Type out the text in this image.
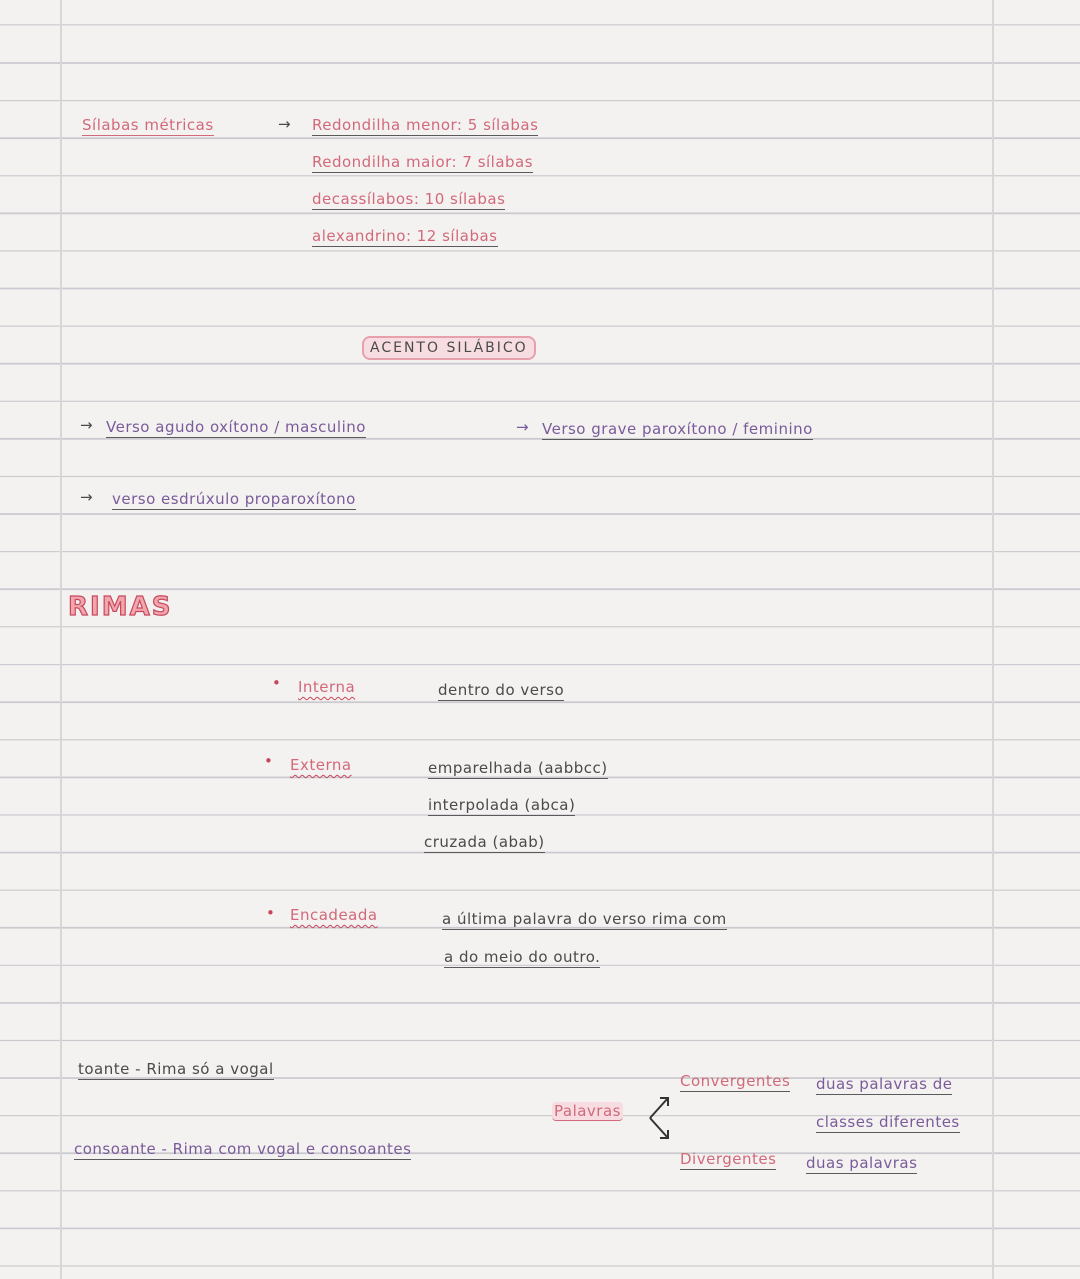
Sílabas métricas	→ Redondilha menor: 5 sílabas
Redondilha maior: 7 sílabas
decassílabos: 10 sílabas
alexandrino: 12 sílabas
ACENTO SILÁBICO
→ Verso agudo oxítono / masculino	→ Verso grave paroxítono / feminino
→ verso esdrúxulo proparoxítono
RIMAS
• Interna	dentro do verso
• Externa	emparelhada (aabbcc)
interpolada (abca)
cruzada (abab)
• Encadeada	a última palavra do verso rima com
a do meio do outro.
toante - Rima só a vogal
consoante - Rima com vogal e consoantes
Palavras
Convergentes duas palavras de
classes diferentes
Divergentes duas palavras
